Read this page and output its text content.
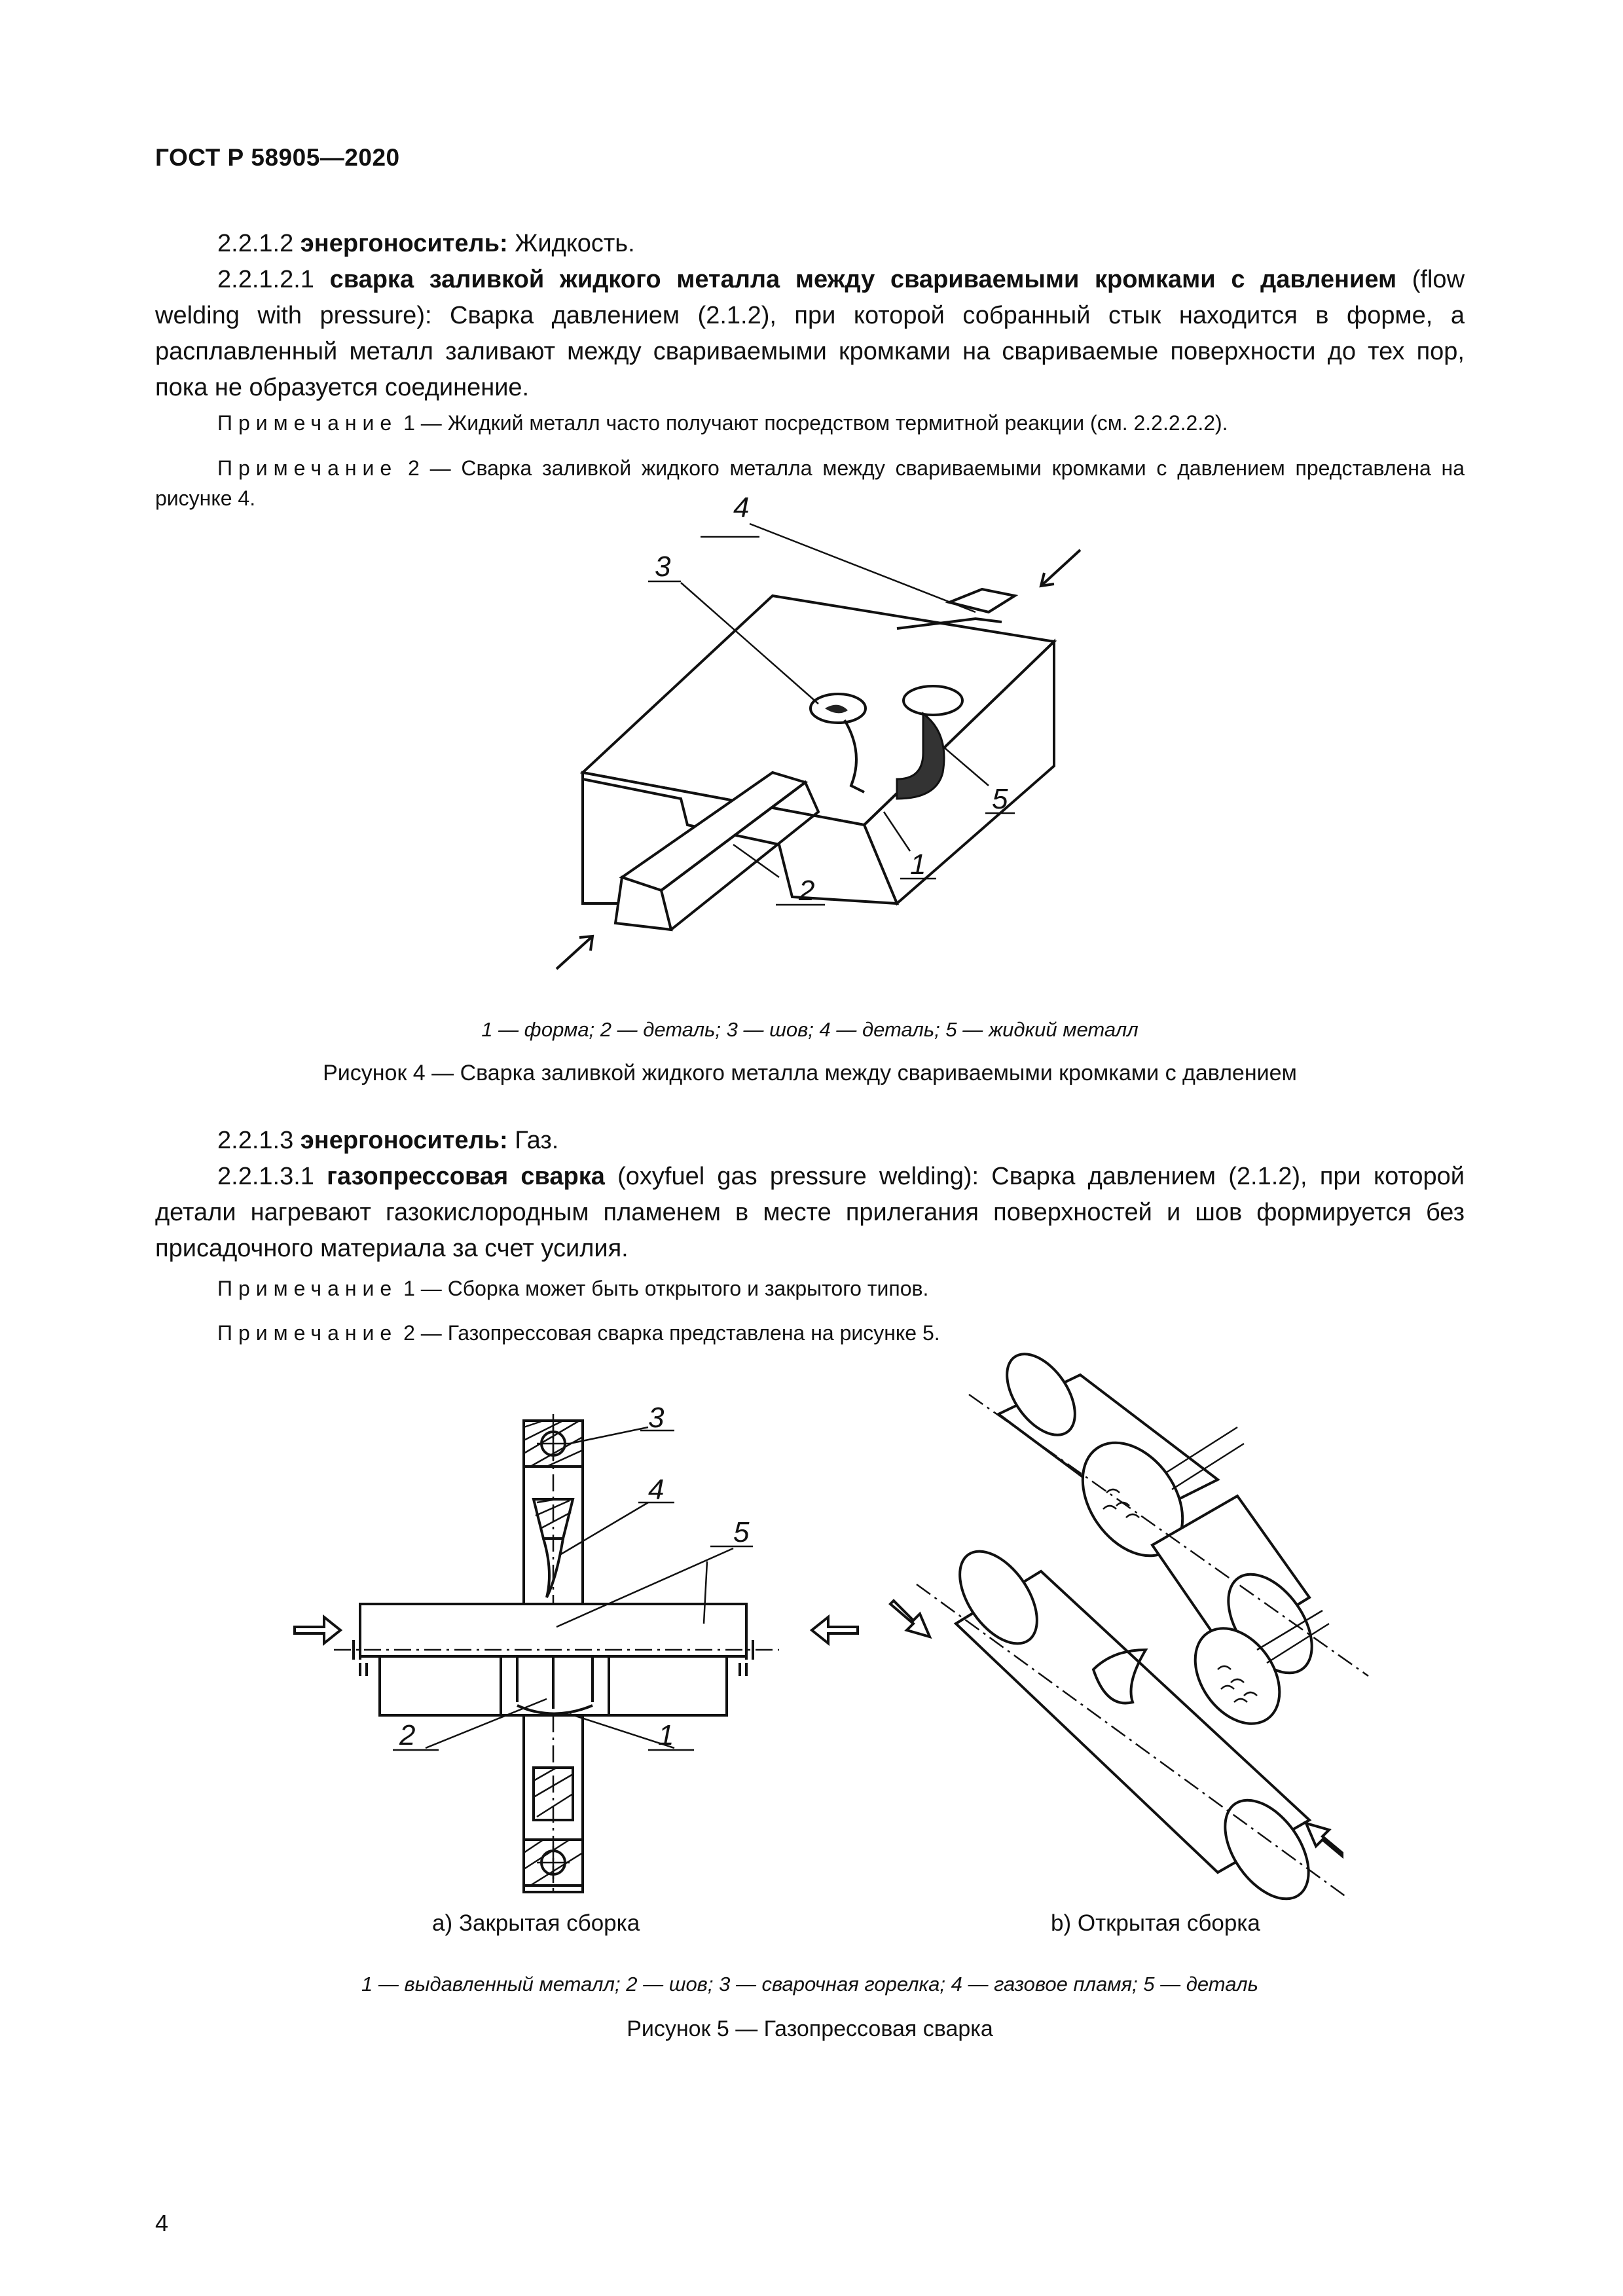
ГОСТ Р 58905—2020
2.2.1.2 энергоноситель: Жидкость.
2.2.1.2.1 сварка заливкой жидкого металла между свариваемыми кромками с давлением (flow welding with pressure): Сварка давлением (2.1.2), при которой собранный стык находится в форме, а расплавленный металл заливают между свариваемыми кромками на свариваемые поверхности до тех пор, пока не образуется соединение.
Примечание 1 — Жидкий металл часто получают посредством термитной реакции (см. 2.2.2.2.2).
Примечание 2 — Сварка заливкой жидкого металла между свариваемыми кромками с давлением представлена на рисунке 4.
3
4
5
1
2
1 — форма; 2 — деталь; 3 — шов; 4 — деталь; 5 — жидкий металл
Рисунок 4 — Сварка заливкой жидкого металла между свариваемыми кромками с давлением
2.2.1.3 энергоноситель: Газ.
2.2.1.3.1 газопрессовая сварка (oxyfuel gas pressure welding): Сварка давлением (2.1.2), при которой детали нагревают газокислородным пламенем в месте прилегания поверхностей и шов формируется без присадочного материала за счет усилия.
Примечание 1 — Сборка может быть открытого и закрытого типов.
Примечание 2 — Газопрессовая сварка представлена на рисунке 5.
3
4
5
2	1
а) Закрытая сборка	b) Открытая сборка
1 — выдавленный металл; 2 — шов; 3 — сварочная горелка; 4 — газовое пламя; 5 — деталь
Рисунок 5 — Газопрессовая сварка
4
